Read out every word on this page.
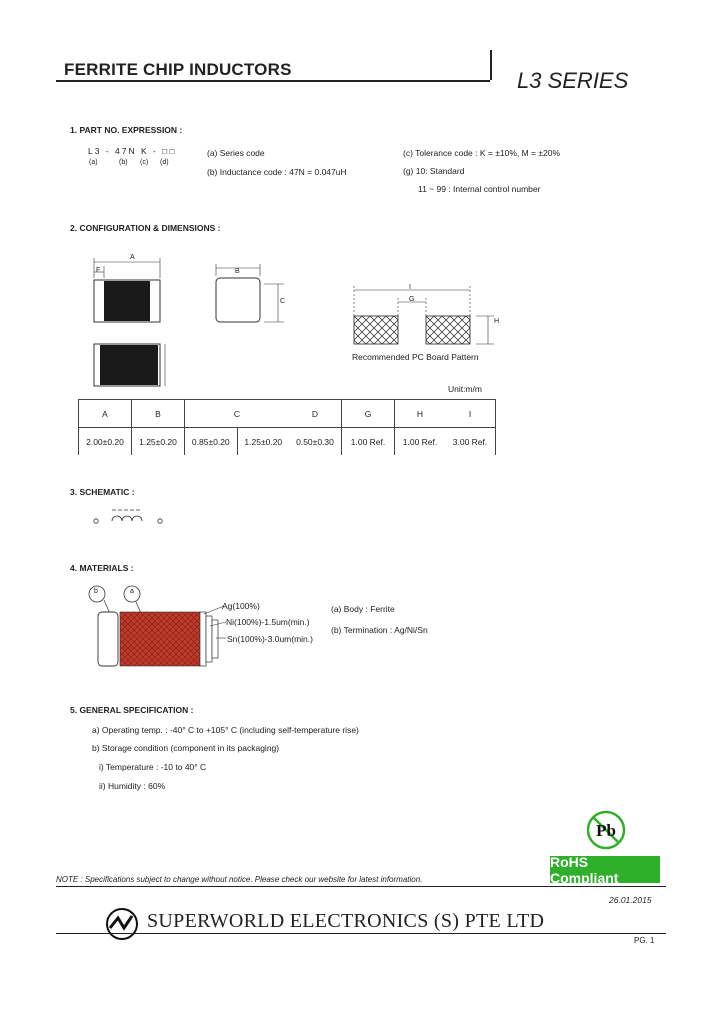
FERRITE CHIP INDUCTORS	L3 SERIES
1. PART NO. EXPRESSION :
L3 - 47N K - □□
(a)	(b) (c) (d)
(a) Series code
(b) Inductance code : 47N = 0.047uH
(c) Tolerance code : K = ±10%, M = ±20%
(g) 10: Standard
11 ~ 99 : Internal control number
2. CONFIGURATION & DIMENSIONS :
A
F	B
C
I
G
H
Recommended PC Board Pattern
Unit:m/m
A	B	C		D	G	H	I
2.00±0.20	1.25±0.20	0.85±0.20	1.25±0.20	0.50±0.30	1.00 Ref.	1.00 Ref.	3.00 Ref.
3. SCHEMATIC :
4. MATERIALS :
b	a
Ag(100%)
Ni(100%)-1.5um(min.)
Sn(100%)-3.0um(min.)
(a) Body : Ferrite
(b) Termination : Ag/Ni/Sn
5. GENERAL SPECIFICATION :
a) Operating temp. : -40° C to +105° C (including self-temperature rise)
b) Storage condition (component in its packaging)
i) Temperature : -10 to 40° C
ii) Humidity : 60%
Pb
RoHS Compliant
NOTE : Specifications subject to change without notice. Please check our website for latest information.
26.01.2015
SUPERWORLD ELECTRONICS (S) PTE LTD
PG. 1
